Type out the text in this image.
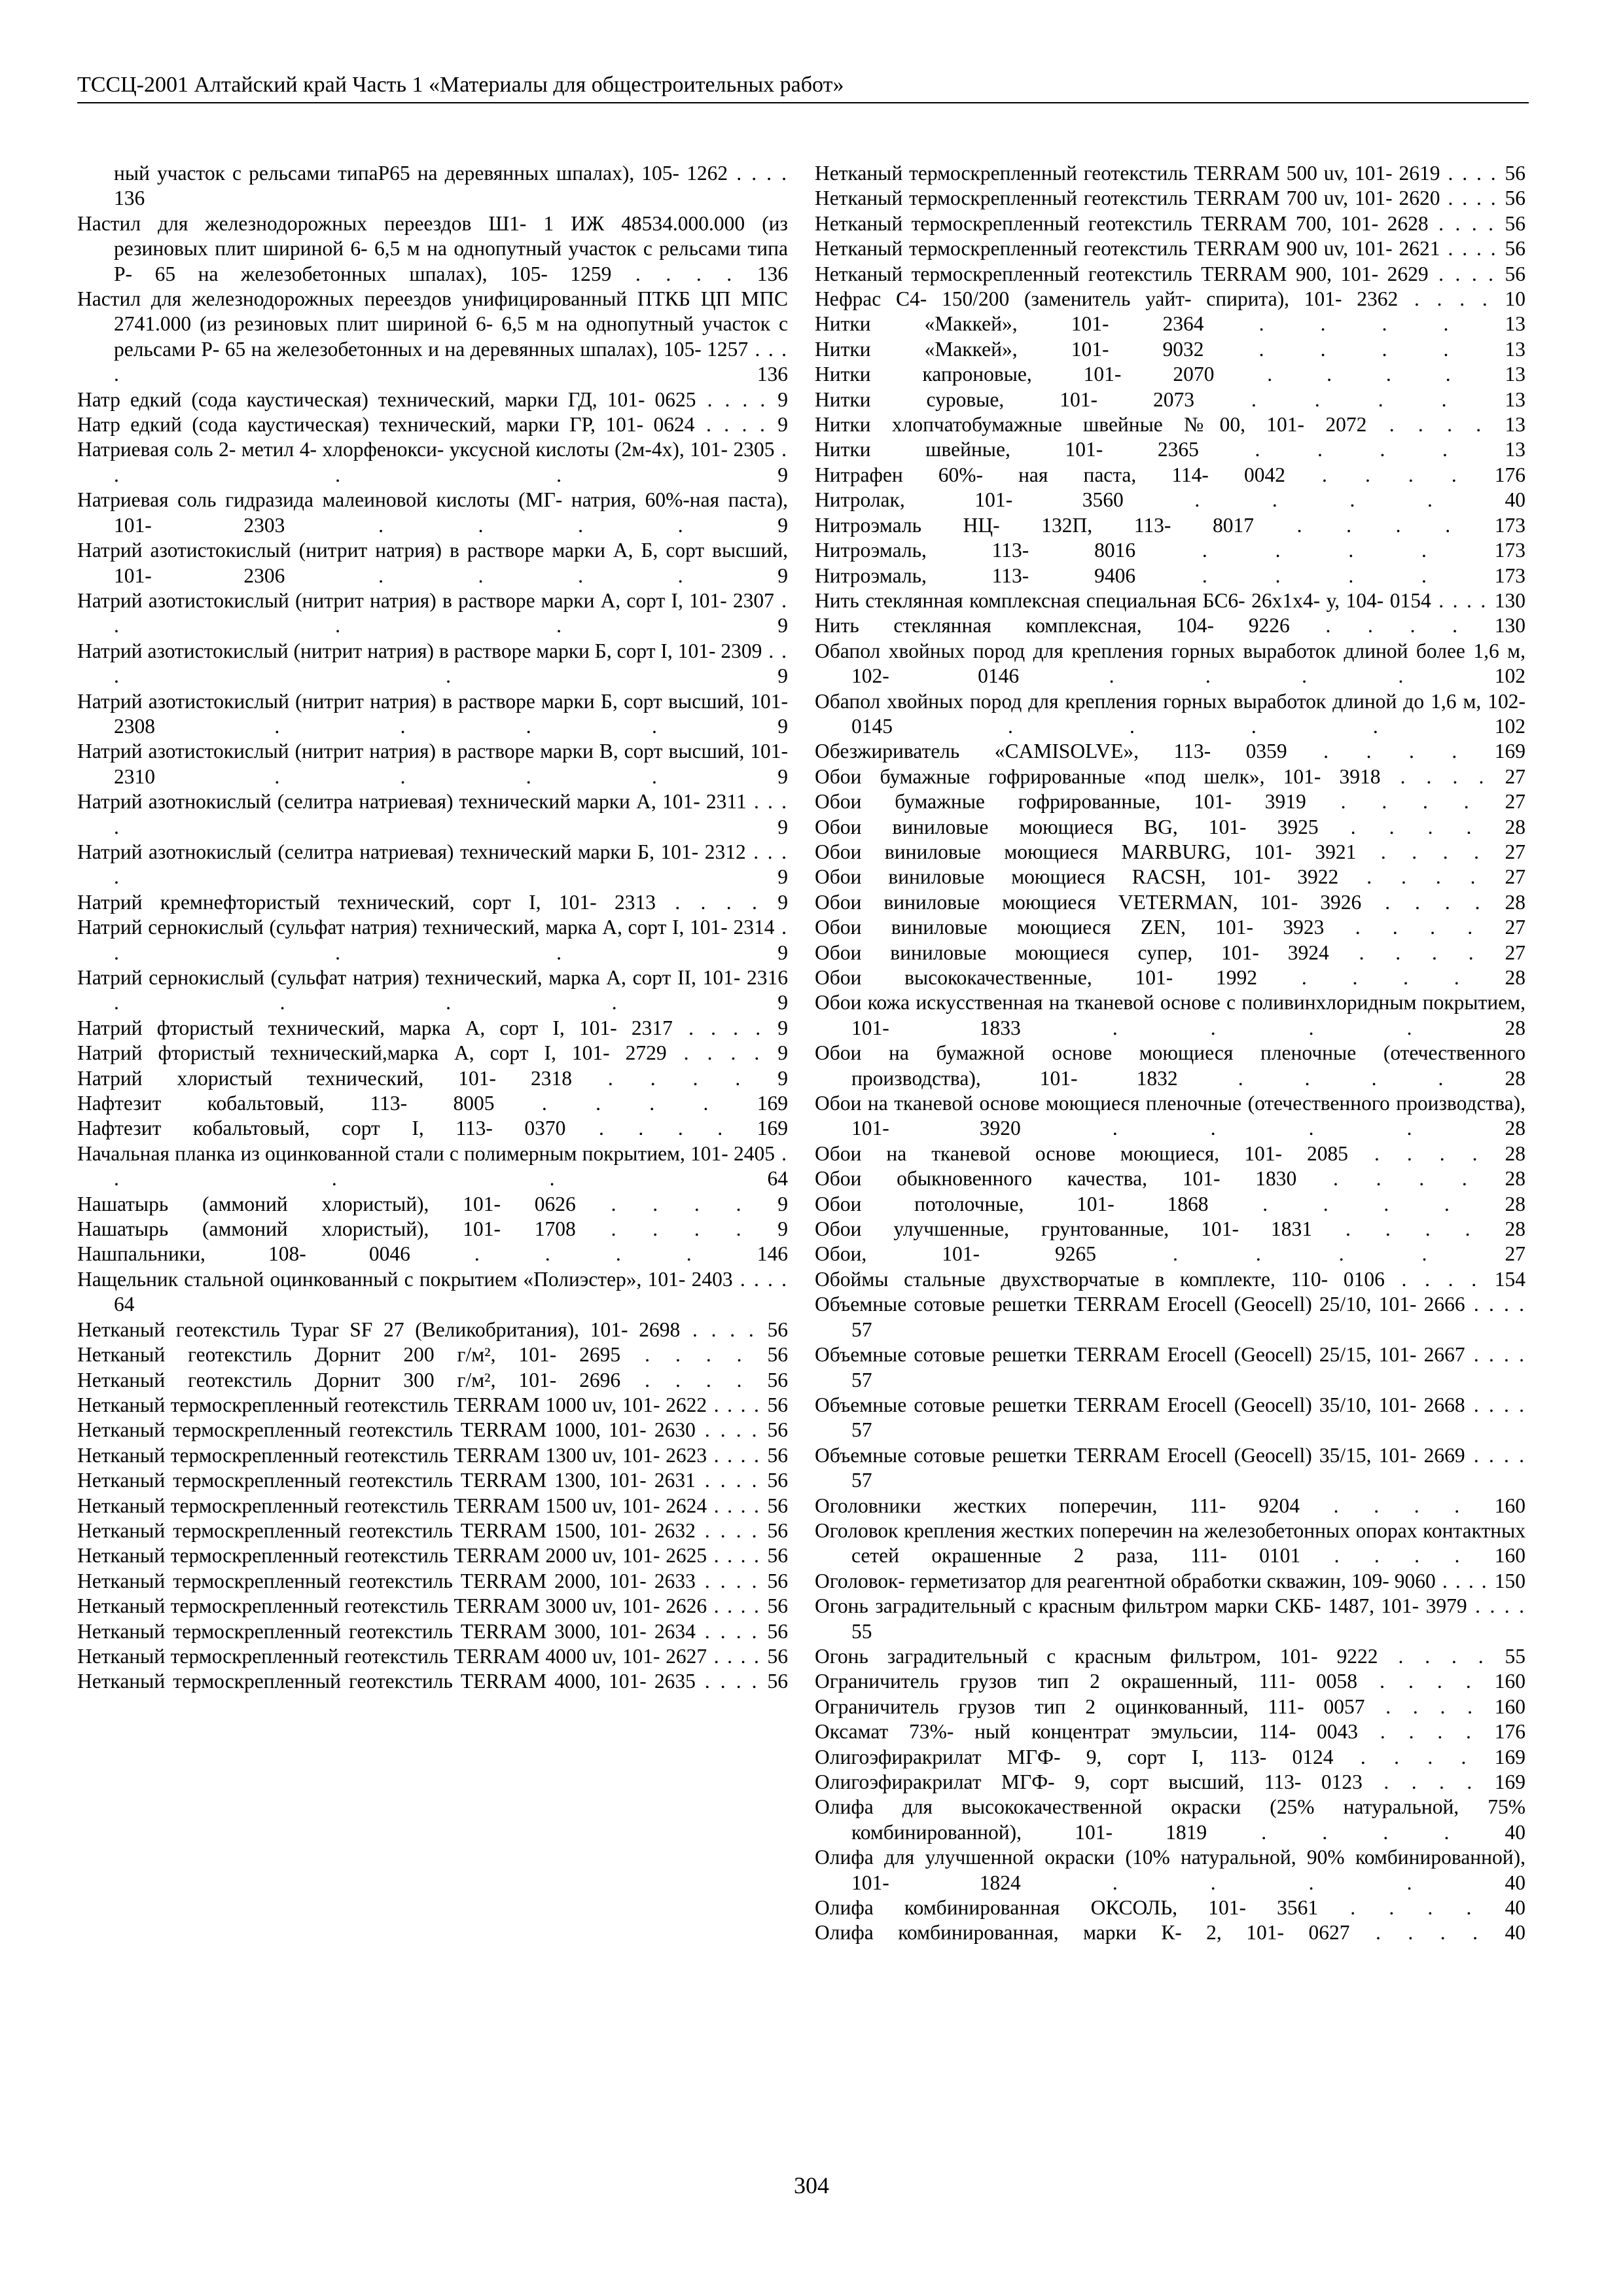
ТССЦ-2001 Алтайский край Часть 1 «Материалы для общестроительных работ»
ный участок с рельсами типаР65 на деревянных шпалах), 105- 1262 . . . . 136
Настил для железнодорожных переездов Ш1- 1 ИЖ 48534.000.000 (из резиновых плит шириной 6- 6,5 м на однопутный участок с рельсами типа Р- 65 на железобетонных шпалах), 105- 1259 . . . . 136
Настил для железнодорожных переездов унифицированный ПТКБ ЦП МПС 2741.000 (из резиновых плит шириной 6- 6,5 м на однопутный участок с рельсами Р- 65 на железобетонных и на деревянных шпалах), 105- 1257 . . . . 136
Натр едкий (сода каустическая) технический, марки ГД, 101- 0625 . . . . 9
Натр едкий (сода каустическая) технический, марки ГР, 101- 0624 . . . . 9
Натриевая соль 2- метил 4- хлорфенокси- уксусной кислоты (2м-4х), 101- 2305 . . . . 9
Натриевая соль гидразида малеиновой кислоты (МГ- натрия, 60%-ная паста), 101- 2303 . . . . 9
Натрий азотистокислый (нитрит натрия) в растворе марки А, Б, сорт высший, 101- 2306 . . . . 9
Натрий азотистокислый (нитрит натрия) в растворе марки А, сорт I, 101- 2307 . . . . 9
Натрий азотистокислый (нитрит натрия) в растворе марки Б, сорт I, 101- 2309 . . . . 9
Натрий азотистокислый (нитрит натрия) в растворе марки Б, сорт высший, 101- 2308 . . . . 9
Натрий азотистокислый (нитрит натрия) в растворе марки В, сорт высший, 101- 2310 . . . . 9
Натрий азотнокислый (селитра натриевая) технический марки А, 101- 2311 . . . . 9
Натрий азотнокислый (селитра натриевая) технический марки Б, 101- 2312 . . . . 9
Натрий кремнефтористый технический, сорт I, 101- 2313 . . . . 9
Натрий сернокислый (сульфат натрия) технический, марка А, сорт I, 101- 2314 . . . . 9
Натрий сернокислый (сульфат натрия) технический, марка А, сорт II, 101- 2316 . . . . 9
Натрий фтористый технический, марка А, сорт I, 101- 2317 . . . . 9
Натрий фтористый технический,марка А, сорт I, 101- 2729 . . . . 9
Натрий хлористый технический, 101- 2318 . . . . 9
Нафтезит кобальтовый, 113- 8005 . . . . 169
Нафтезит кобальтовый, сорт I, 113- 0370 . . . . 169
Начальная планка из оцинкованной стали с полимерным покрытием, 101- 2405 . . . . 64
Нашатырь (аммоний хлористый), 101- 0626 . . . . 9
Нашатырь (аммоний хлористый), 101- 1708 . . . . 9
Нашпальники, 108- 0046 . . . . 146
Нащельник стальной оцинкованный с покрытием «Полиэстер», 101- 2403 . . . . 64
Нетканый геотекстиль Typar SF 27 (Великобритания), 101- 2698 . . . . 56
Нетканый геотекстиль Дорнит 200 г/м², 101- 2695 . . . . 56
Нетканый геотекстиль Дорнит 300 г/м², 101- 2696 . . . . 56
Нетканый термоскрепленный геотекстиль TERRAM 1000 uv, 101- 2622 . . . . 56
Нетканый термоскрепленный геотекстиль TERRAM 1000, 101- 2630 . . . . 56
Нетканый термоскрепленный геотекстиль TERRAM 1300 uv, 101- 2623 . . . . 56
Нетканый термоскрепленный геотекстиль TERRAM 1300, 101- 2631 . . . . 56
Нетканый термоскрепленный геотекстиль TERRAM 1500 uv, 101- 2624 . . . . 56
Нетканый термоскрепленный геотекстиль TERRAM 1500, 101- 2632 . . . . 56
Нетканый термоскрепленный геотекстиль TERRAM 2000 uv, 101- 2625 . . . . 56
Нетканый термоскрепленный геотекстиль TERRAM 2000, 101- 2633 . . . . 56
Нетканый термоскрепленный геотекстиль TERRAM 3000 uv, 101- 2626 . . . . 56
Нетканый термоскрепленный геотекстиль TERRAM 3000, 101- 2634 . . . . 56
Нетканый термоскрепленный геотекстиль TERRAM 4000 uv, 101- 2627 . . . . 56
Нетканый термоскрепленный геотекстиль TERRAM 4000, 101- 2635 . . . . 56
Нетканый термоскрепленный геотекстиль TERRAM 500 uv, 101- 2619 . . . . 56
Нетканый термоскрепленный геотекстиль TERRAM 700 uv, 101- 2620 . . . . 56
Нетканый термоскрепленный геотекстиль TERRAM 700, 101- 2628 . . . . 56
Нетканый термоскрепленный геотекстиль TERRAM 900 uv, 101- 2621 . . . . 56
Нетканый термоскрепленный геотекстиль TERRAM 900, 101- 2629 . . . . 56
Нефрас С4- 150/200 (заменитель уайт- спирита), 101- 2362 . . . . 10
Нитки «Маккей», 101- 2364 . . . . 13
Нитки «Маккей», 101- 9032 . . . . 13
Нитки капроновые, 101- 2070 . . . . 13
Нитки суровые, 101- 2073 . . . . 13
Нитки хлопчатобумажные швейные №00, 101- 2072 . . . . 13
Нитки швейные, 101- 2365 . . . . 13
Нитрафен 60%- ная паста, 114- 0042 . . . . 176
Нитролак, 101- 3560 . . . . 40
Нитроэмаль НЦ- 132П, 113- 8017 . . . . 173
Нитроэмаль, 113- 8016 . . . . 173
Нитроэмаль, 113- 9406 . . . . 173
Нить стеклянная комплексная специальная БС6- 26х1х4- у, 104- 0154 . . . . 130
Нить стеклянная комплексная, 104- 9226 . . . . 130
Обапол хвойных пород для крепления горных выработок длиной более 1,6 м, 102- 0146 . . . . 102
Обапол хвойных пород для крепления горных выработок длиной до 1,6 м, 102- 0145 . . . . 102
Обезжириватель «CAMISOLVE», 113- 0359 . . . . 169
Обои бумажные гофрированные «под шелк», 101- 3918 . . . . 27
Обои бумажные гофрированные, 101- 3919 . . . . 27
Обои виниловые моющиеся BG, 101- 3925 . . . . 28
Обои виниловые моющиеся MARBURG, 101- 3921 . . . . 27
Обои виниловые моющиеся RACSH, 101- 3922 . . . . 27
Обои виниловые моющиеся VETERMAN, 101- 3926 . . . . 28
Обои виниловые моющиеся ZEN, 101- 3923 . . . . 27
Обои виниловые моющиеся супер, 101- 3924 . . . . 27
Обои высококачественные, 101- 1992 . . . . 28
Обои кожа искусственная на тканевой основе с поливинхлоридным покрытием, 101- 1833 . . . . 28
Обои на бумажной основе моющиеся пленочные (отечественного производства), 101- 1832 . . . . 28
Обои на тканевой основе моющиеся пленочные (отечественного производства), 101- 3920 . . . . 28
Обои на тканевой основе моющиеся, 101- 2085 . . . . 28
Обои обыкновенного качества, 101- 1830 . . . . 28
Обои потолочные, 101- 1868 . . . . 28
Обои улучшенные, грунтованные, 101- 1831 . . . . 28
Обои, 101- 9265 . . . . 27
Обоймы стальные двухстворчатые в комплекте, 110- 0106 . . . . 154
Объемные сотовые решетки TERRAM Erocell (Geocell) 25/10, 101- 2666 . . . . 57
Объемные сотовые решетки TERRAM Erocell (Geocell) 25/15, 101- 2667 . . . . 57
Объемные сотовые решетки TERRAM Erocell (Geocell) 35/10, 101- 2668 . . . . 57
Объемные сотовые решетки TERRAM Erocell (Geocell) 35/15, 101- 2669 . . . . 57
Оголовники жестких поперечин, 111- 9204 . . . . 160
Оголовок крепления жестких поперечин на железобетонных опорах контактных сетей окрашенные 2 раза, 111- 0101 . . . . 160
Оголовок- герметизатор для реагентной обработки скважин, 109- 9060 . . . . 150
Огонь заградительный с красным фильтром марки СКБ- 1487, 101- 3979 . . . . 55
Огонь заградительный с красным фильтром, 101- 9222 . . . . 55
Ограничитель грузов тип 2 окрашенный, 111- 0058 . . . . 160
Ограничитель грузов тип 2 оцинкованный, 111- 0057 . . . . 160
Оксамат 73%- ный концентрат эмульсии, 114- 0043 . . . . 176
Олигоэфиракрилат МГФ- 9, сорт I, 113- 0124 . . . . 169
Олигоэфиракрилат МГФ- 9, сорт высший, 113- 0123 . . . . 169
Олифа для высококачественной окраски (25% натуральной, 75% комбинированной), 101- 1819 . . . . 40
Олифа для улучшенной окраски (10% натуральной, 90% комбинированной), 101- 1824 . . . . 40
Олифа комбинированная ОКСОЛЬ, 101- 3561 . . . . 40
Олифа комбинированная, марки К- 2, 101- 0627 . . . . 40
304
